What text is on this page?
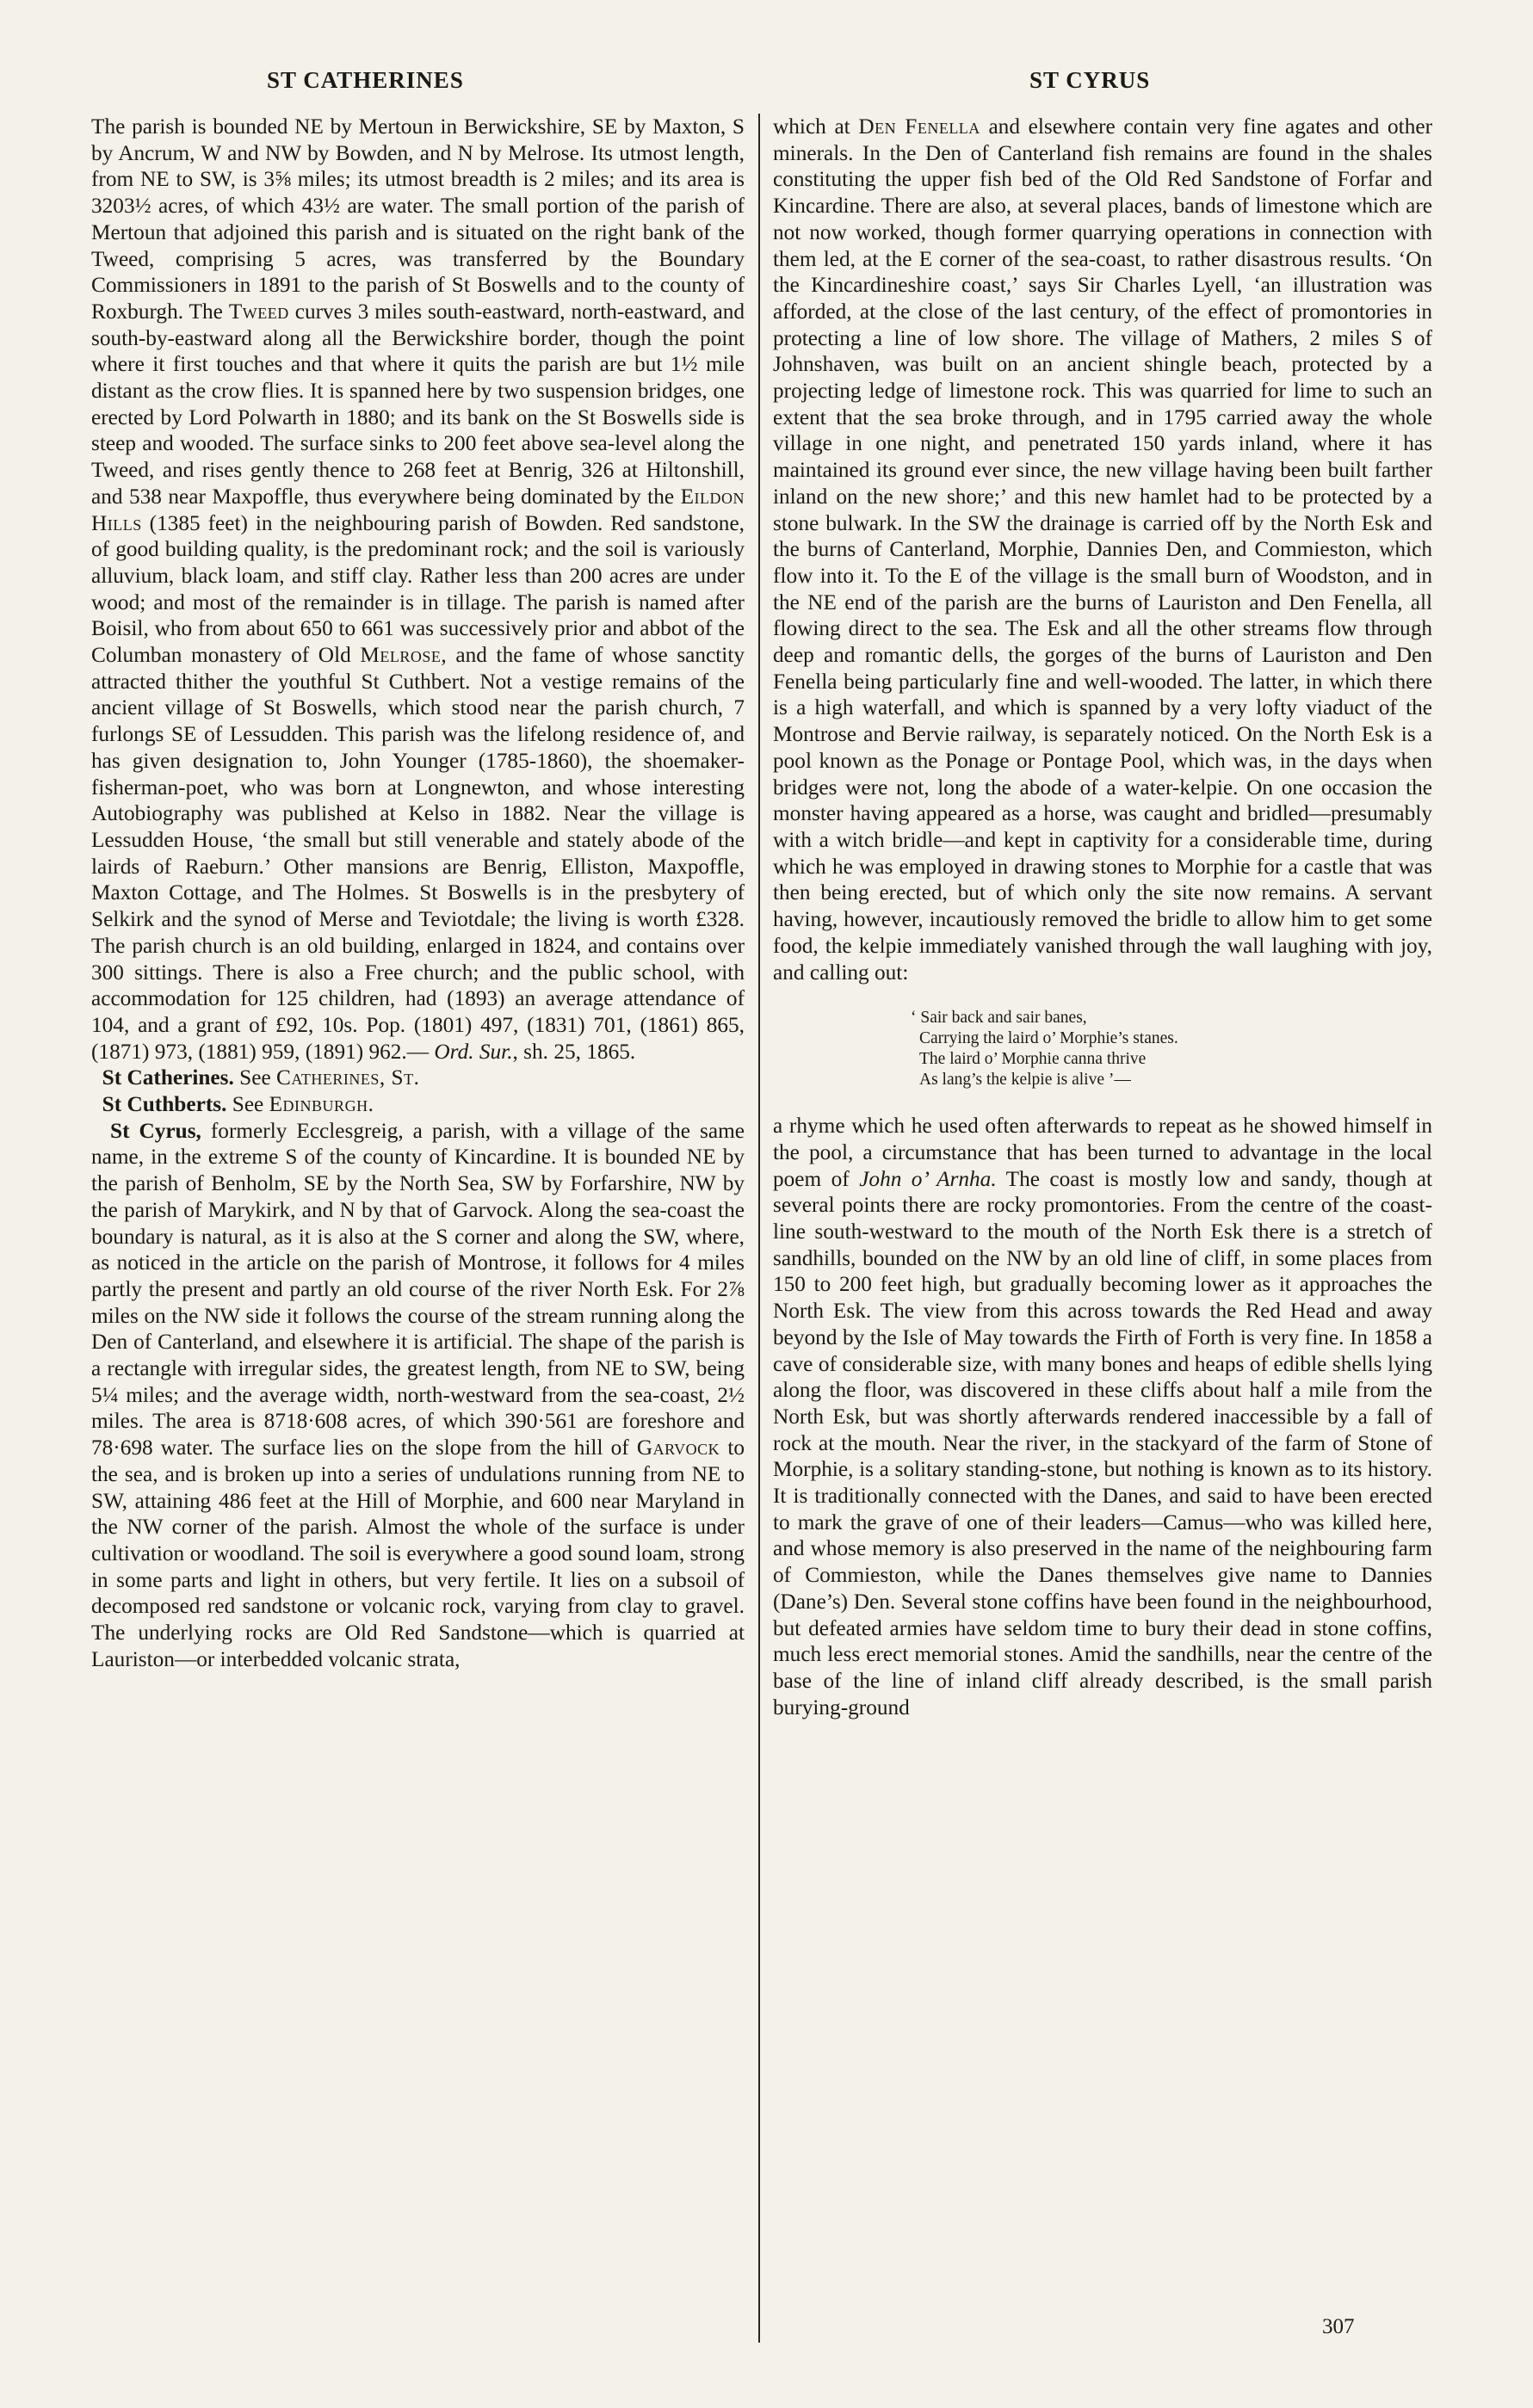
ST CATHERINES	ST CYRUS

The parish is bounded NE by Mertoun in Berwickshire, SE by Maxton, S by Ancrum, W and NW by Bowden, and N by Melrose. Its utmost length, from NE to SW, is 3⅝ miles; its utmost breadth is 2 miles; and its area is 3203½ acres, of which 43½ are water. The small portion of the parish of Mertoun that adjoined this parish and is situated on the right bank of the Tweed, comprising 5 acres, was transferred by the Boundary Commissioners in 1891 to the parish of St Boswells and to the county of Roxburgh. The Tweed curves 3 miles south-eastward, north-eastward, and south-by-eastward along all the Berwickshire border, though the point where it first touches and that where it quits the parish are but 1½ mile distant as the crow flies. It is spanned here by two suspension bridges, one erected by Lord Polwarth in 1880; and its bank on the St Boswells side is steep and wooded. The surface sinks to 200 feet above sea-level along the Tweed, and rises gently thence to 268 feet at Benrig, 326 at Hiltonshill, and 538 near Maxpoffle, thus everywhere being dominated by the Eildon Hills (1385 feet) in the neighbouring parish of Bowden. Red sandstone, of good building quality, is the predominant rock; and the soil is variously alluvium, black loam, and stiff clay. Rather less than 200 acres are under wood; and most of the remainder is in tillage. The parish is named after Boisil, who from about 650 to 661 was successively prior and abbot of the Columban monastery of Old Melrose, and the fame of whose sanctity attracted thither the youthful St Cuthbert. Not a vestige remains of the ancient village of St Boswells, which stood near the parish church, 7 furlongs SE of Lessudden. This parish was the lifelong residence of, and has given designation to, John Younger (1785-1860), the shoemaker-fisherman-poet, who was born at Longnewton, and whose interesting Autobiography was published at Kelso in 1882. Near the village is Lessudden House, ‘the small but still venerable and stately abode of the lairds of Raeburn.’ Other mansions are Benrig, Elliston, Maxpoffle, Maxton Cottage, and The Holmes. St Boswells is in the presbytery of Selkirk and the synod of Merse and Teviotdale; the living is worth £328. The parish church is an old building, enlarged in 1824, and contains over 300 sittings. There is also a Free church; and the public school, with accommodation for 125 children, had (1893) an average attendance of 104, and a grant of £92, 10s. Pop. (1801) 497, (1831) 701, (1861) 865, (1871) 973, (1881) 959, (1891) 962.— Ord. Sur., sh. 25, 1865.

St Catherines. See Catherines, St.

St Cuthberts. See Edinburgh.

St Cyrus, formerly Ecclesgreig, a parish, with a village of the same name, in the extreme S of the county of Kincardine. It is bounded NE by the parish of Benholm, SE by the North Sea, SW by Forfarshire, NW by the parish of Marykirk, and N by that of Garvock. Along the sea-coast the boundary is natural, as it is also at the S corner and along the SW, where, as noticed in the article on the parish of Montrose, it follows for 4 miles partly the present and partly an old course of the river North Esk. For 2⅞ miles on the NW side it follows the course of the stream running along the Den of Canterland, and elsewhere it is artificial. The shape of the parish is a rectangle with irregular sides, the greatest length, from NE to SW, being 5¼ miles; and the average width, north-westward from the sea-coast, 2½ miles. The area is 8718·608 acres, of which 390·561 are foreshore and 78·698 water. The surface lies on the slope from the hill of Garvock to the sea, and is broken up into a series of undulations running from NE to SW, attaining 486 feet at the Hill of Morphie, and 600 near Maryland in the NW corner of the parish. Almost the whole of the surface is under cultivation or woodland. The soil is everywhere a good sound loam, strong in some parts and light in others, but very fertile. It lies on a subsoil of decomposed red sandstone or volcanic rock, varying from clay to gravel. The underlying rocks are Old Red Sandstone—which is quarried at Lauriston—or interbedded volcanic strata,

which at Den Fenella and elsewhere contain very fine agates and other minerals. In the Den of Canterland fish remains are found in the shales constituting the upper fish bed of the Old Red Sandstone of Forfar and Kincardine. There are also, at several places, bands of limestone which are not now worked, though former quarrying operations in connection with them led, at the E corner of the sea-coast, to rather disastrous results. ‘On the Kincardineshire coast,’ says Sir Charles Lyell, ‘an illustration was afforded, at the close of the last century, of the effect of promontories in protecting a line of low shore. The village of Mathers, 2 miles S of Johnshaven, was built on an ancient shingle beach, protected by a projecting ledge of limestone rock. This was quarried for lime to such an extent that the sea broke through, and in 1795 carried away the whole village in one night, and penetrated 150 yards inland, where it has maintained its ground ever since, the new village having been built farther inland on the new shore;’ and this new hamlet had to be protected by a stone bulwark. In the SW the drainage is carried off by the North Esk and the burns of Canterland, Morphie, Dannies Den, and Commieston, which flow into it. To the E of the village is the small burn of Woodston, and in the NE end of the parish are the burns of Lauriston and Den Fenella, all flowing direct to the sea. The Esk and all the other streams flow through deep and romantic dells, the gorges of the burns of Lauriston and Den Fenella being particularly fine and well-wooded. The latter, in which there is a high waterfall, and which is spanned by a very lofty viaduct of the Montrose and Bervie railway, is separately noticed. On the North Esk is a pool known as the Ponage or Pontage Pool, which was, in the days when bridges were not, long the abode of a water-kelpie. On one occasion the monster having appeared as a horse, was caught and bridled—presumably with a witch bridle—and kept in captivity for a considerable time, during which he was employed in drawing stones to Morphie for a castle that was then being erected, but of which only the site now remains. A servant having, however, incautiously removed the bridle to allow him to get some food, the kelpie immediately vanished through the wall laughing with joy, and calling out:

‘ Sair back and sair banes,
Carrying the laird o’ Morphie’s stanes.
The laird o’ Morphie canna thrive
As lang’s the kelpie is alive ’—

a rhyme which he used often afterwards to repeat as he showed himself in the pool, a circumstance that has been turned to advantage in the local poem of John o’ Arnha. The coast is mostly low and sandy, though at several points there are rocky promontories. From the centre of the coast-line south-westward to the mouth of the North Esk there is a stretch of sandhills, bounded on the NW by an old line of cliff, in some places from 150 to 200 feet high, but gradually becoming lower as it approaches the North Esk. The view from this across towards the Red Head and away beyond by the Isle of May towards the Firth of Forth is very fine. In 1858 a cave of considerable size, with many bones and heaps of edible shells lying along the floor, was discovered in these cliffs about half a mile from the North Esk, but was shortly afterwards rendered inaccessible by a fall of rock at the mouth. Near the river, in the stackyard of the farm of Stone of Morphie, is a solitary standing-stone, but nothing is known as to its history. It is traditionally connected with the Danes, and said to have been erected to mark the grave of one of their leaders—Camus—who was killed here, and whose memory is also preserved in the name of the neighbouring farm of Commieston, while the Danes themselves give name to Dannies (Dane’s) Den. Several stone coffins have been found in the neighbourhood, but defeated armies have seldom time to bury their dead in stone coffins, much less erect memorial stones. Amid the sandhills, near the centre of the base of the line of inland cliff already described, is the small parish burying-ground

307
